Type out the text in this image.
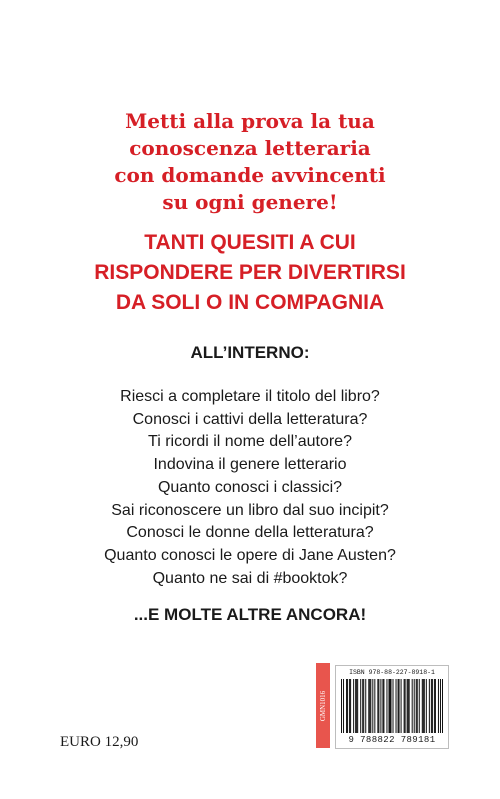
Metti alla prova la tua
conoscenza letteraria
con domande avvincenti
su ogni genere!
TANTI QUESITI A CUI
RISPONDERE PER DIVERTIRSI
DA SOLI O IN COMPAGNIA
ALL’INTERNO:
Riesci a completare il titolo del libro?
Conosci i cattivi della letteratura?
Ti ricordi il nome dell’autore?
Indovina il genere letterario
Quanto conosci i classici?
Sai riconoscere un libro dal suo incipit?
Conosci le donne della letteratura?
Quanto conosci le opere di Jane Austen?
Quanto ne sai di #booktok?
...E MOLTE ALTRE ANCORA!
EURO 12,90
GMN1016
ISBN 978-88-227-8918-1
9 788822 789181
